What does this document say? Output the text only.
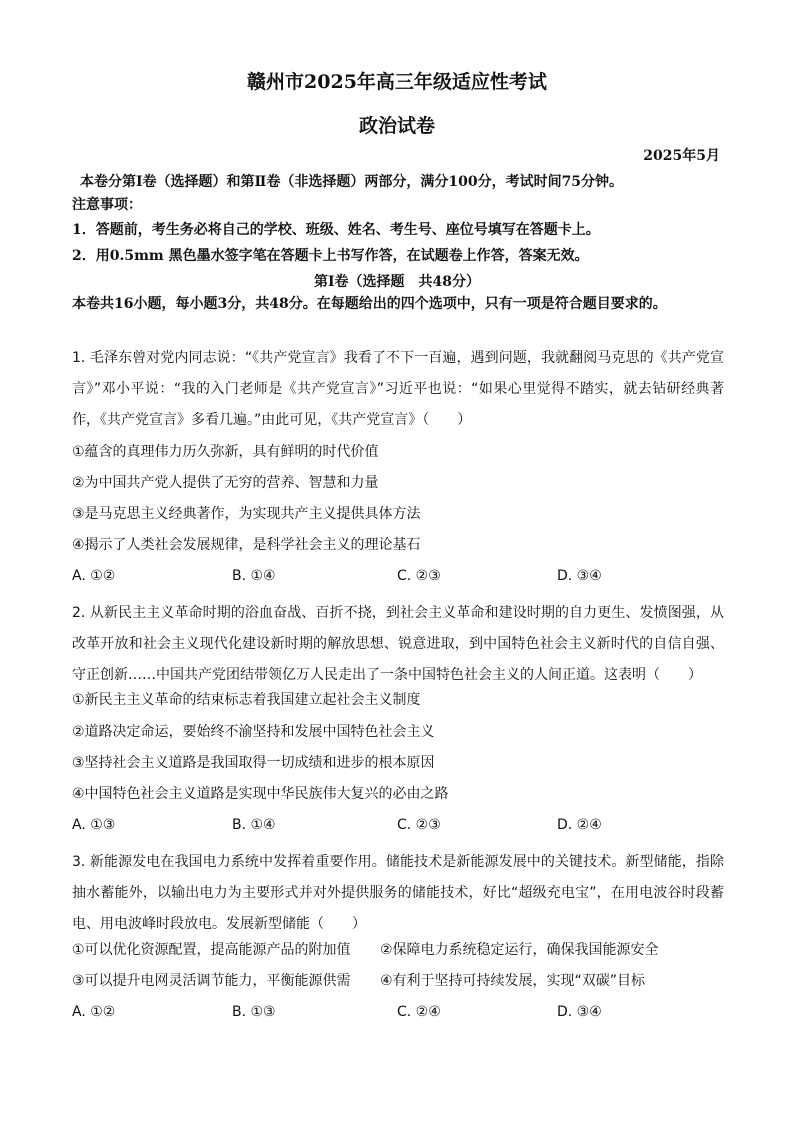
赣州市2025年高三年级适应性考试
政治试卷
2025年5月
本卷分第Ⅰ卷（选择题）和第Ⅱ卷（非选择题）两部分，满分100分，考试时间75分钟。
注意事项：
1．答题前，考生务必将自己的学校、班级、姓名、考生号、座位号填写在答题卡上。
2．用0.5mm 黑色墨水签字笔在答题卡上书写作答，在试题卷上作答，答案无效。
第Ⅰ卷（选择题　共48分）
本卷共16小题，每小题3分，共48分。在每题给出的四个选项中，只有一项是符合题目要求的。
1. 毛泽东曾对党内同志说：“《共产党宣言》我看了不下一百遍，遇到问题，我就翻阅马克思的《共产党宣言》”邓小平说：“我的入门老师是《共产党宣言》”习近平也说：“如果心里觉得不踏实，就去钻研经典著作，《共产党宣言》多看几遍。”由此可见，《共产党宣言》（　　）
①蕴含的真理伟力历久弥新，具有鲜明的时代价值
②为中国共产党人提供了无穷的营养、智慧和力量
③是马克思主义经典著作，为实现共产主义提供具体方法
④揭示了人类社会发展规律，是科学社会主义的理论基石
A. ①②	B. ①④	C. ②③	D. ③④
2. 从新民主主义革命时期的浴血奋战、百折不挠，到社会主义革命和建设时期的自力更生、发愤图强，从改革开放和社会主义现代化建设新时期的解放思想、锐意进取，到中国特色社会主义新时代的自信自强、守正创新……中国共产党团结带领亿万人民走出了一条中国特色社会主义的人间正道。这表明（　　）
①新民主主义革命的结束标志着我国建立起社会主义制度
②道路决定命运，要始终不渝坚持和发展中国特色社会主义
③坚持社会主义道路是我国取得一切成绩和进步的根本原因
④中国特色社会主义道路是实现中华民族伟大复兴的必由之路
A. ①③	B. ①④	C. ②③	D. ②④
3. 新能源发电在我国电力系统中发挥着重要作用。储能技术是新能源发展中的关键技术。新型储能，指除抽水蓄能外，以输出电力为主要形式并对外提供服务的储能技术，好比“超级充电宝”，在用电波谷时段蓄电、用电波峰时段放电。发展新型储能（　　）
①可以优化资源配置，提高能源产品的附加值 ②保障电力系统稳定运行，确保我国能源安全
③可以提升电网灵活调节能力，平衡能源供需 ④有利于坚持可持续发展，实现“双碳”目标
A. ①②	B. ①③	C. ②④	D. ③④
